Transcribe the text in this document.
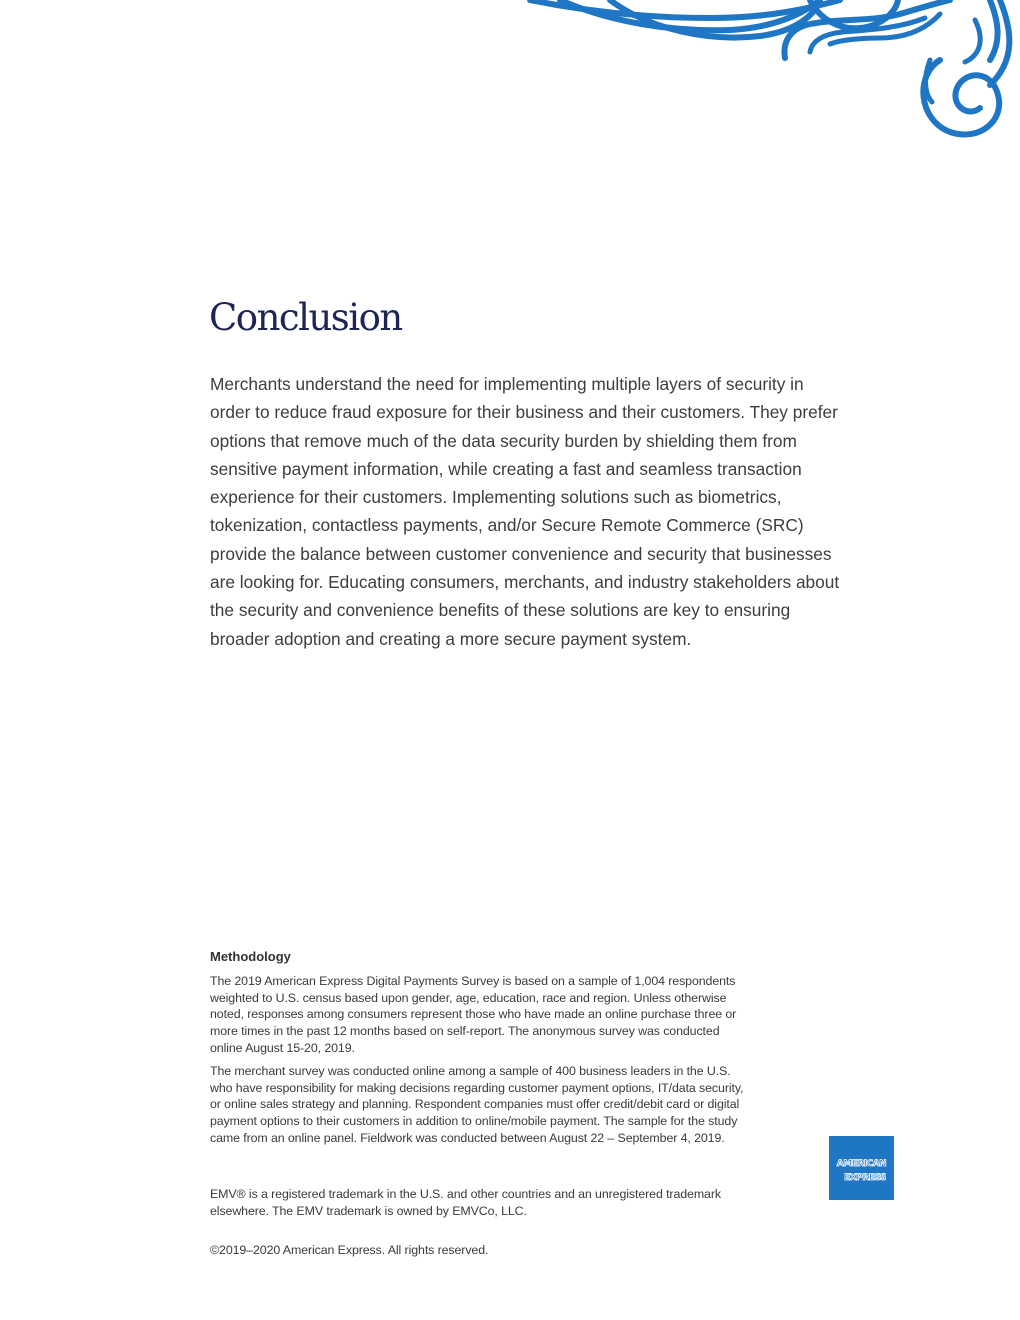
Conclusion

Merchants understand the need for implementing multiple layers of security in order to reduce fraud exposure for their business and their customers. They prefer options that remove much of the data security burden by shielding them from sensitive payment information, while creating a fast and seamless transaction experience for their customers. Implementing solutions such as biometrics, tokenization, contactless payments, and/or Secure Remote Commerce (SRC) provide the balance between customer convenience and security that businesses are looking for. Educating consumers, merchants, and industry stakeholders about the security and convenience benefits of these solutions are key to ensuring broader adoption and creating a more secure payment system.

Methodology

The 2019 American Express Digital Payments Survey is based on a sample of 1,004 respondents weighted to U.S. census based upon gender, age, education, race and region. Unless otherwise noted, responses among consumers represent those who have made an online purchase three or more times in the past 12 months based on self-report. The anonymous survey was conducted online August 15-20, 2019.

The merchant survey was conducted online among a sample of 400 business leaders in the U.S. who have responsibility for making decisions regarding customer payment options, IT/data security, or online sales strategy and planning. Respondent companies must offer credit/debit card or digital payment options to their customers in addition to online/mobile payment. The sample for the study came from an online panel. Fieldwork was conducted between August 22 – September 4, 2019.

EMV® is a registered trademark in the U.S. and other countries and an unregistered trademark elsewhere. The EMV trademark is owned by EMVCo, LLC.

©2019–2020 American Express. All rights reserved.

AMERICAN
EXPRESS
